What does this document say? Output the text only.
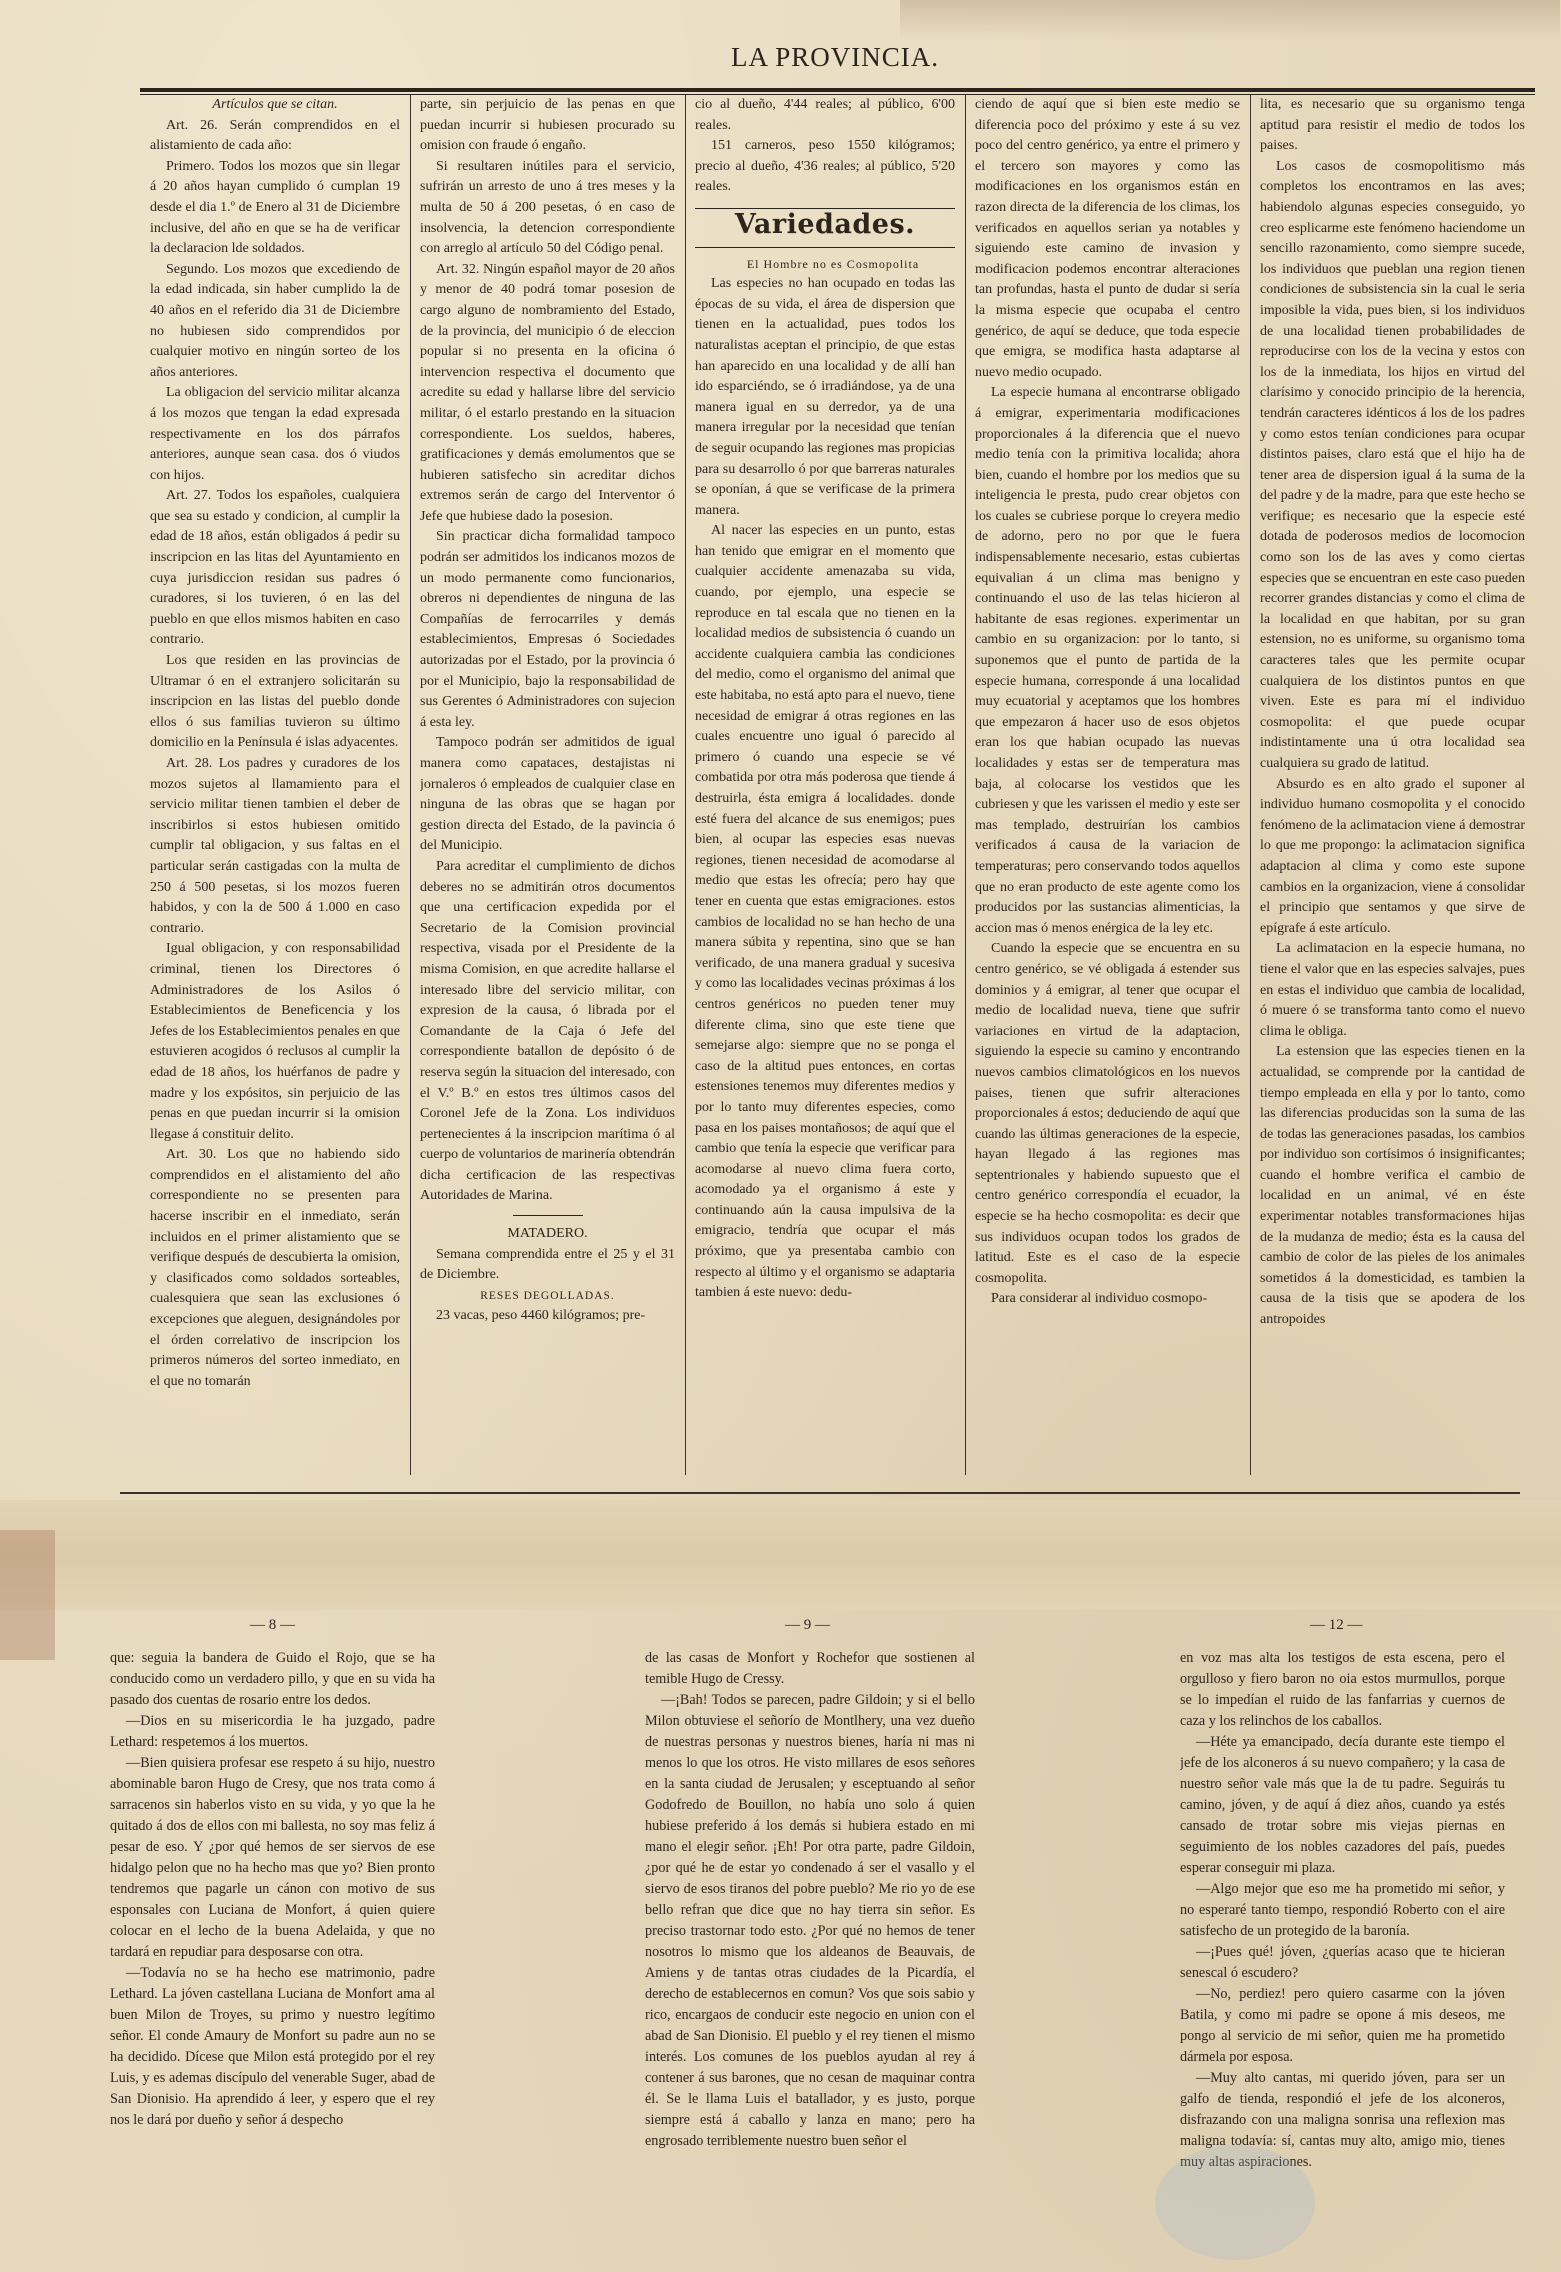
LA PROVINCIA.

Artículos que se citan.

Art. 26. Serán comprendidos en el alistamiento de cada año:

Primero. Todos los mozos que sin llegar á 20 años hayan cumplido ó cumplan 19 desde el dia 1.º de Enero al 31 de Diciembre inclusive, del año en que se ha de verificar la declaracion lde soldados.

Segundo. Los mozos que excediendo de la edad indicada, sin haber cumplido la de 40 años en el referido dia 31 de Diciembre no hubiesen sido comprendidos por cualquier motivo en ningún sorteo de los años anteriores.

La obligacion del servicio militar alcanza á los mozos que tengan la edad expresada respectivamente en los dos párrafos anteriores, aunque sean casa. dos ó viudos con hijos.

Art. 27. Todos los españoles, cualquiera que sea su estado y condicion, al cumplir la edad de 18 años, están obligados á pedir su inscripcion en las litas del Ayuntamiento en cuya jurisdiccion residan sus padres ó curadores, si los tuvieren, ó en las del pueblo en que ellos mismos habiten en caso contrario.

Los que residen en las provincias de Ultramar ó en el extranjero solicitarán su inscripcion en las listas del pueblo donde ellos ó sus familias tuvieron su último domicilio en la Península é islas adyacentes.

Art. 28. Los padres y curadores de los mozos sujetos al llamamiento para el servicio militar tienen tambien el deber de inscribirlos si estos hubiesen omitido cumplir tal obligacion, y sus faltas en el particular serán castigadas con la multa de 250 á 500 pesetas, si los mozos fueren habidos, y con la de 500 á 1.000 en caso contrario.

Igual obligacion, y con responsabilidad criminal, tienen los Directores ó Administradores de los Asilos ó Establecimientos de Beneficencia y los Jefes de los Establecimientos penales en que estuvieren acogidos ó reclusos al cumplir la edad de 18 años, los huérfanos de padre y madre y los expósitos, sin perjuicio de las penas en que puedan incurrir si la omision llegase á constituir delito.

Art. 30. Los que no habiendo sido comprendidos en el alistamiento del año correspondiente no se presenten para hacerse inscribir en el inmediato, serán incluidos en el primer alistamiento que se verifique después de descubierta la omision, y clasificados como soldados sorteables, cualesquiera que sean las exclusiones ó excepciones que aleguen, designándoles por el órden correlativo de inscripcion los primeros números del sorteo inmediato, en el que no tomarán

parte, sin perjuicio de las penas en que puedan incurrir si hubiesen procurado su omision con fraude ó engaño.

Si resultaren inútiles para el servicio, sufrirán un arresto de uno á tres meses y la multa de 50 á 200 pesetas, ó en caso de insolvencia, la detencion correspondiente con arreglo al artículo 50 del Código penal.

Art. 32. Ningún español mayor de 20 años y menor de 40 podrá tomar posesion de cargo alguno de nombramiento del Estado, de la provincia, del municipio ó de eleccion popular si no presenta en la oficina ó intervencion respectiva el documento que acredite su edad y hallarse libre del servicio militar, ó el estarlo prestando en la situacion correspondiente. Los sueldos, haberes, gratificaciones y demás emolumentos que se hubieren satisfecho sin acreditar dichos extremos serán de cargo del Interventor ó Jefe que hubiese dado la posesion.

Sin practicar dicha formalidad tampoco podrán ser admitidos los indicanos mozos de un modo permanente como funcionarios, obreros ni dependientes de ninguna de las Compañías de ferrocarriles y demás establecimientos, Empresas ó Sociedades autorizadas por el Estado, por la provincia ó por el Municipio, bajo la responsabilidad de sus Gerentes ó Administradores con sujecion á esta ley.

Tampoco podrán ser admitidos de igual manera como capataces, destajistas ni jornaleros ó empleados de cualquier clase en ninguna de las obras que se hagan por gestion directa del Estado, de la pavincia ó del Municipio.

Para acreditar el cumplimiento de dichos deberes no se admitirán otros documentos que una certificacion expedida por el Secretario de la Comision provincial respectiva, visada por el Presidente de la misma Comision, en que acredite hallarse el interesado libre del servicio militar, con expresion de la causa, ó librada por el Comandante de la Caja ó Jefe del correspondiente batallon de depósito ó de reserva según la situacion del interesado, con el V.º B.º en estos tres últimos casos del Coronel Jefe de la Zona. Los individuos pertenecientes á la inscripcion marítima ó al cuerpo de voluntarios de marinería obtendrán dicha certificacion de las respectivas Autoridades de Marina.

MATADERO.

Semana comprendida entre el 25 y el 31 de Diciembre.

RESES DEGOLLADAS.

23 vacas, peso 4460 kilógramos; pre-

cio al dueño, 4'44 reales; al público, 6'00 reales.

151 carneros, peso 1550 kilógramos; precio al dueño, 4'36 reales; al público, 5'20 reales.

Variedades.

El Hombre no es Cosmopolita

Las especies no han ocupado en todas las épocas de su vida, el área de dispersion que tienen en la actualidad, pues todos los naturalistas aceptan el principio, de que estas han aparecido en una localidad y de allí han ido esparciéndo, se ó irradiándose, ya de una manera igual en su derredor, ya de una manera irregular por la necesidad que tenían de seguir ocupando las regiones mas propicias para su desarrollo ó por que barreras naturales se oponían, á que se verificase de la primera manera.

Al nacer las especies en un punto, estas han tenido que emigrar en el momento que cualquier accidente amenazaba su vida, cuando, por ejemplo, una especie se reproduce en tal escala que no tienen en la localidad medios de subsistencia ó cuando un accidente cualquiera cambia las condiciones del medio, como el organismo del animal que este habitaba, no está apto para el nuevo, tiene necesidad de emigrar á otras regiones en las cuales encuentre uno igual ó parecido al primero ó cuando una especie se vé combatida por otra más poderosa que tiende á destruirla, ésta emigra á localidades. donde esté fuera del alcance de sus enemigos; pues bien, al ocupar las especies esas nuevas regiones, tienen necesidad de acomodarse al medio que estas les ofrecía; pero hay que tener en cuenta que estas emigraciones. estos cambios de localidad no se han hecho de una manera súbita y repentina, sino que se han verificado, de una manera gradual y sucesiva y como las localidades vecinas próximas á los centros genéricos no pueden tener muy diferente clima, sino que este tiene que semejarse algo: siempre que no se ponga el caso de la altitud pues entonces, en cortas estensiones tenemos muy diferentes medios y por lo tanto muy diferentes especies, como pasa en los paises montañosos; de aquí que el cambio que tenía la especie que verificar para acomodarse al nuevo clima fuera corto, acomodado ya el organismo á este y continuando aún la causa impulsiva de la emigracio, tendría que ocupar el más próximo, que ya presentaba cambio con respecto al último y el organismo se adaptaria tambien á este nuevo: dedu-

ciendo de aquí que si bien este medio se diferencia poco del próximo y este á su vez poco del centro genérico, ya entre el primero y el tercero son mayores y como las modificaciones en los organismos están en razon directa de la diferencia de los climas, los verificados en aquellos serian ya notables y siguiendo este camino de invasion y modificacion podemos encontrar alteraciones tan profundas, hasta el punto de dudar si sería la misma especie que ocupaba el centro genérico, de aquí se deduce, que toda especie que emigra, se modifica hasta adaptarse al nuevo medio ocupado.

La especie humana al encontrarse obligado á emigrar, experimentaria modificaciones proporcionales á la diferencia que el nuevo medio tenía con la primitiva localida; ahora bien, cuando el hombre por los medios que su inteligencia le presta, pudo crear objetos con los cuales se cubriese porque lo creyera medio de adorno, pero no por que le fuera indispensablemente necesario, estas cubiertas equivalian á un clima mas benigno y continuando el uso de las telas hicieron al habitante de esas regiones. experimentar un cambio en su organizacion: por lo tanto, si suponemos que el punto de partida de la especie humana, corresponde á una localidad muy ecuatorial y aceptamos que los hombres que empezaron á hacer uso de esos objetos eran los que habian ocupado las nuevas localidades y estas ser de temperatura mas baja, al colocarse los vestidos que les cubriesen y que les varissen el medio y este ser mas templado, destruirían los cambios verificados á causa de la variacion de temperaturas; pero conservando todos aquellos que no eran producto de este agente como los producidos por las sustancias alimenticias, la accion mas ó menos enérgica de la ley etc.

Cuando la especie que se encuentra en su centro genérico, se vé obligada á estender sus dominios y á emigrar, al tener que ocupar el medio de localidad nueva, tiene que sufrir variaciones en virtud de la adaptacion, siguiendo la especie su camino y encontrando nuevos cambios climatológicos en los nuevos paises, tienen que sufrir alteraciones proporcionales á estos; deduciendo de aquí que cuando las últimas generaciones de la especie, hayan llegado á las regiones mas septentrionales y habiendo supuesto que el centro genérico correspondía el ecuador, la especie se ha hecho cosmopolita: es decir que sus individuos ocupan todos los grados de latitud. Este es el caso de la especie cosmopolita.

Para considerar al individuo cosmopo-

lita, es necesario que su organismo tenga aptitud para resistir el medio de todos los paises.

Los casos de cosmopolitismo más completos los encontramos en las aves; habiendolo algunas especies conseguido, yo creo esplicarme este fenómeno haciendome un sencillo razonamiento, como siempre sucede, los individuos que pueblan una region tienen condiciones de subsistencia sin la cual le seria imposible la vida, pues bien, si los individuos de una localidad tienen probabilidades de reproducirse con los de la vecina y estos con los de la inmediata, los hijos en virtud del clarísimo y conocido principio de la herencia, tendrán caracteres idénticos á los de los padres y como estos tenían condiciones para ocupar distintos paises, claro está que el hijo ha de tener area de dispersion igual á la suma de la del padre y de la madre, para que este hecho se verifique; es necesario que la especie esté dotada de poderosos medios de locomocion como son los de las aves y como ciertas especies que se encuentran en este caso pueden recorrer grandes distancias y como el clima de la localidad en que habitan, por su gran estension, no es uniforme, su organismo toma caracteres tales que les permite ocupar cualquiera de los distintos puntos en que viven. Este es para mí el individuo cosmopolita: el que puede ocupar indistintamente una ú otra localidad sea cualquiera su grado de latitud.

Absurdo es en alto grado el suponer al individuo humano cosmopolita y el conocido fenómeno de la aclimatacion viene á demostrar lo que me propongo: la aclimatacion significa adaptacion al clima y como este supone cambios en la organizacion, viene á consolidar el principio que sentamos y que sirve de epígrafe á este artículo.

La aclimatacion en la especie humana, no tiene el valor que en las especies salvajes, pues en estas el individuo que cambia de localidad, ó muere ó se transforma tanto como el nuevo clima le obliga.

La estension que las especies tienen en la actualidad, se comprende por la cantidad de tiempo empleada en ella y por lo tanto, como las diferencias producidas son la suma de las de todas las generaciones pasadas, los cambios por individuo son cortísimos ó insignificantes; cuando el hombre verifica el cambio de localidad en un animal, vé en éste experimentar notables transformaciones hijas de la mudanza de medio; ésta es la causa del cambio de color de las pieles de los animales sometidos á la domesticidad, es tambien la causa de la tisis que se apodera de los antropoides

— 8 —	— 9 —	— 12 —

que: seguia la bandera de Guido el Rojo, que se ha conducido como un verdadero pillo, y que en su vida ha pasado dos cuentas de rosario entre los dedos.

—Dios en su misericordia le ha juzgado, padre Lethard: respetemos á los muertos.

—Bien quisiera profesar ese respeto á su hijo, nuestro abominable baron Hugo de Cresy, que nos trata como á sarracenos sin haberlos visto en su vida, y yo que la he quitado á dos de ellos con mi ballesta, no soy mas feliz á pesar de eso. Y ¿por qué hemos de ser siervos de ese hidalgo pelon que no ha hecho mas que yo? Bien pronto tendremos que pagarle un cánon con motivo de sus esponsales con Luciana de Monfort, á quien quiere colocar en el lecho de la buena Adelaida, y que no tardará en repudiar para desposarse con otra.

—Todavía no se ha hecho ese matrimonio, padre Lethard. La jóven castellana Luciana de Monfort ama al buen Milon de Troyes, su primo y nuestro legítimo señor. El conde Amaury de Monfort su padre aun no se ha decidido. Dícese que Milon está protegido por el rey Luis, y es ademas discípulo del venerable Suger, abad de San Dionisio. Ha aprendido á leer, y espero que el rey nos le dará por dueño y señor á despecho

de las casas de Monfort y Rochefor que sostienen al temible Hugo de Cressy.

—¡Bah! Todos se parecen, padre Gildoin; y si el bello Milon obtuviese el señorío de Montlhery, una vez dueño de nuestras personas y nuestros bienes, haría ni mas ni menos lo que los otros. He visto millares de esos señores en la santa ciudad de Jerusalen; y esceptuando al señor Godofredo de Bouillon, no había uno solo á quien hubiese preferido á los demás si hubiera estado en mi mano el elegir señor. ¡Eh! Por otra parte, padre Gildoin, ¿por qué he de estar yo condenado á ser el vasallo y el siervo de esos tiranos del pobre pueblo? Me rio yo de ese bello refran que dice que no hay tierra sin señor. Es preciso trastornar todo esto. ¿Por qué no hemos de tener nosotros lo mismo que los aldeanos de Beauvais, de Amiens y de tantas otras ciudades de la Picardía, el derecho de establecernos en comun? Vos que sois sabio y rico, encargaos de conducir este negocio en union con el abad de San Dionisio. El pueblo y el rey tienen el mismo interés. Los comunes de los pueblos ayudan al rey á contener á sus barones, que no cesan de maquinar contra él. Se le llama Luis el batallador, y es justo, porque siempre está á caballo y lanza en mano; pero ha engrosado terriblemente nuestro buen señor el

en voz mas alta los testigos de esta escena, pero el orgulloso y fiero baron no oia estos murmullos, porque se lo impedían el ruido de las fanfarrias y cuernos de caza y los relinchos de los caballos.

—Héte ya emancipado, decía durante este tiempo el jefe de los alconeros á su nuevo compañero; y la casa de nuestro señor vale más que la de tu padre. Seguirás tu camino, jóven, y de aquí á diez años, cuando ya estés cansado de trotar sobre mis viejas piernas en seguimiento de los nobles cazadores del país, puedes esperar conseguir mi plaza.

—Algo mejor que eso me ha prometido mi señor, y no esperaré tanto tiempo, respondió Roberto con el aire satisfecho de un protegido de la baronía.

—¡Pues qué! jóven, ¿querías acaso que te hicieran senescal ó escudero?

—No, perdiez! pero quiero casarme con la jóven Batila, y como mi padre se opone á mis deseos, me pongo al servicio de mi señor, quien me ha prometido dármela por esposa.

—Muy alto cantas, mi querido jóven, para ser un galfo de tienda, respondió el jefe de los alconeros, disfrazando con una maligna sonrisa una reflexion mas maligna todavía: sí, cantas muy alto, amigo mio, tienes muy altas aspiraciones.
